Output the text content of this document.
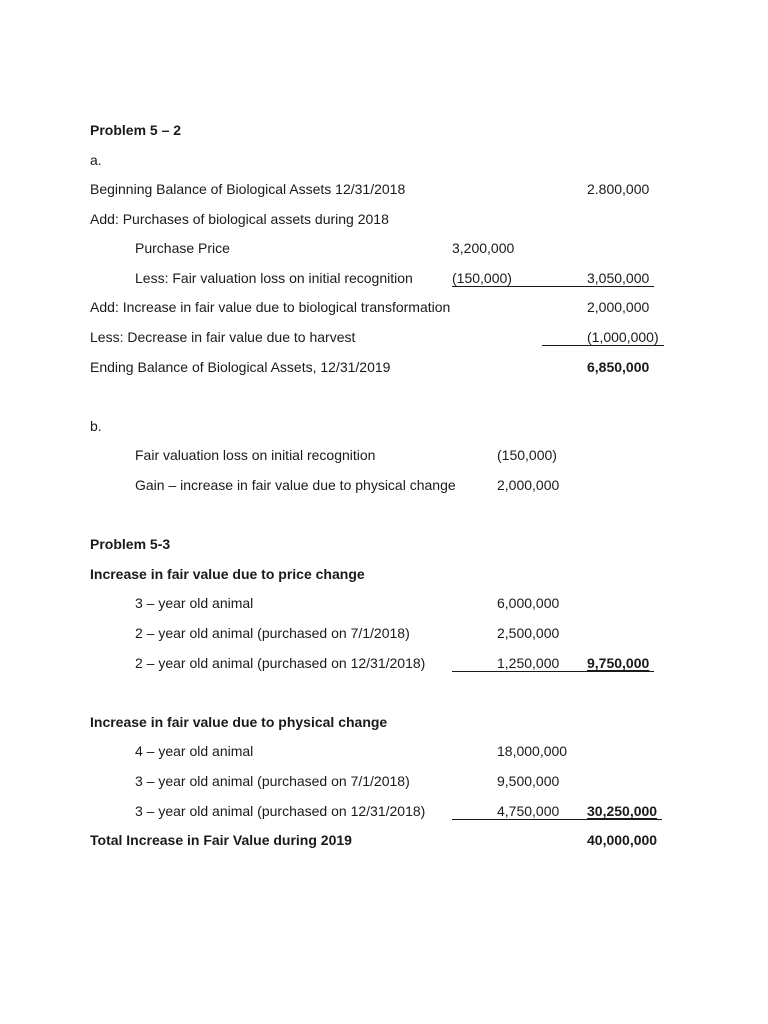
Problem 5 – 2
a.
Beginning Balance of Biological Assets 12/31/2018	2.800,000
Add: Purchases of biological assets during 2018
Purchase Price	3,200,000
Less: Fair valuation loss on initial recognition	(150,000)	3,050,000
Add: Increase in fair value due to biological transformation	2,000,000
Less: Decrease in fair value due to harvest	(1,000,000)
Ending Balance of Biological Assets, 12/31/2019	6,850,000
b.
Fair valuation loss on initial recognition	(150,000)
Gain – increase in fair value due to physical change	2,000,000
Problem 5-3
Increase in fair value due to price change
3 – year old animal	6,000,000
2 – year old animal (purchased on 7/1/2018)	2,500,000
2 – year old animal (purchased on 12/31/2018)	1,250,000 9,750,000
Increase in fair value due to physical change
4 – year old animal	18,000,000
3 – year old animal (purchased on 7/1/2018)	9,500,000
3 – year old animal (purchased on 12/31/2018)	4,750,000 30,250,000
Total Increase in Fair Value during 2019	40,000,000
